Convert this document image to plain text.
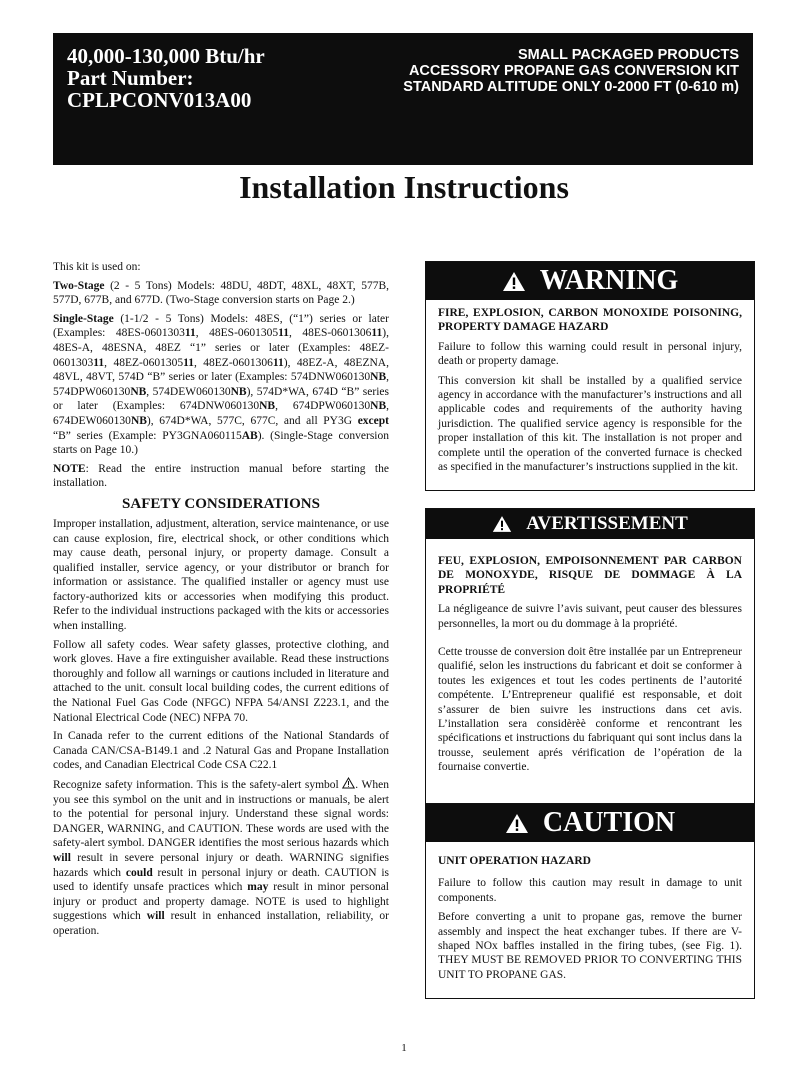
40,000-130,000 Btu/hr
Part Number:
CPLPCONV013A00
SMALL PACKAGED PRODUCTS
ACCESSORY PROPANE GAS CONVERSION KIT
STANDARD ALTITUDE ONLY 0-2000 FT (0-610 m)
Installation Instructions

This kit is used on:

Two-Stage (2 - 5 Tons) Models: 48DU, 48DT, 48XL, 48XT, 577B, 577D, 677B, and 677D. (Two-Stage conversion starts on Page 2.)

Single-Stage (1-1/2 - 5 Tons) Models: 48ES, (“1”) series or later (Examples: 48ES-060130311, 48ES-060130511, 48ES-060130611), 48ES-A, 48ESNA, 48EZ “1” series or later (Examples: 48EZ-060130311, 48EZ-060130511, 48EZ-060130611), 48EZ-A, 48EZNA, 48VL, 48VT, 574D “B” series or later (Examples: 574DNW060130NB, 574DPW060130NB, 574DEW060130NB), 574D*WA, 674D “B” series or later (Examples: 674DNW060130NB, 674DPW060130NB, 674DEW060130NB), 674D*WA, 577C, 677C, and all PY3G except “B” series (Example: PY3GNA060115AB). (Single-Stage conversion starts on Page 10.)

NOTE: Read the entire instruction manual before starting the installation.

SAFETY CONSIDERATIONS

Improper installation, adjustment, alteration, service maintenance, or use can cause explosion, fire, electrical shock, or other conditions which may cause death, personal injury, or property damage. Consult a qualified installer, service agency, or your distributor or branch for information or assistance. The qualified installer or agency must use factory-authorized kits or accessories when modifying this product. Refer to the individual instructions packaged with the kits or accessories when installing.

Follow all safety codes. Wear safety glasses, protective clothing, and work gloves. Have a fire extinguisher available. Read these instructions thoroughly and follow all warnings or cautions included in literature and attached to the unit. consult local building codes, the current editions of the National Fuel Gas Code (NFGC) NFPA 54/ANSI Z223.1, and the National Electrical Code (NEC) NFPA 70.

In Canada refer to the current editions of the National Standards of Canada CAN/CSA-B149.1 and .2 Natural Gas and Propane Installation codes, and Canadian Electrical Code CSA C22.1

Recognize safety information. This is the safety-alert symbol . When you see this symbol on the unit and in instructions or manuals, be alert to the potential for personal injury. Understand these signal words: DANGER, WARNING, and CAUTION. These words are used with the safety-alert symbol. DANGER identifies the most serious hazards which will result in severe personal injury or death. WARNING signifies hazards which could result in personal injury or death. CAUTION is used to identify unsafe practices which may result in minor personal injury or product and property damage. NOTE is used to highlight suggestions which will result in enhanced installation, reliability, or operation.

WARNING

FIRE, EXPLOSION, CARBON MONOXIDE POISONING, PROPERTY DAMAGE HAZARD

Failure to follow this warning could result in personal injury, death or property damage.

This conversion kit shall be installed by a qualified service agency in accordance with the manufacturer’s instructions and all applicable codes and requirements of the authority having jurisdiction. The qualified service agency is responsible for the proper installation of this kit. The installation is not proper and complete until the operation of the converted furnace is checked as specified in the manufacturer’s instructions supplied in the kit.

AVERTISSEMENT

FEU, EXPLOSION, EMPOISONNEMENT PAR CARBON DE MONOXYDE, RISQUE DE DOMMAGE À LA PROPRIÉTÉ

La négligeance de suivre l’avis suivant, peut causer des blessures personnelles, la mort ou du dommage à la propriété.

Cette trousse de conversion doit être installée par un Entrepreneur qualifié, selon les instructions du fabricant et doit se conformer à toutes les exigences et tout les codes pertinents de l’autorité compétente. L’Entrepreneur qualifié est responsable, et doit s’assurer de bien suivre les instructions dans cet avis. L’installation sera considèrèè conforme et rencontrant les spécifications et instructions du fabriquant qui sont inclus dans la trousse, seulement aprés vérification de l’opération de la fournaise convertie.

CAUTION

UNIT OPERATION HAZARD

Failure to follow this caution may result in damage to unit components.

Before converting a unit to propane gas, remove the burner assembly and inspect the heat exchanger tubes. If there are V-shaped NOx baffles installed in the firing tubes, (see Fig. 1). THEY MUST BE REMOVED PRIOR TO CONVERTING THIS UNIT TO PROPANE GAS.

1
